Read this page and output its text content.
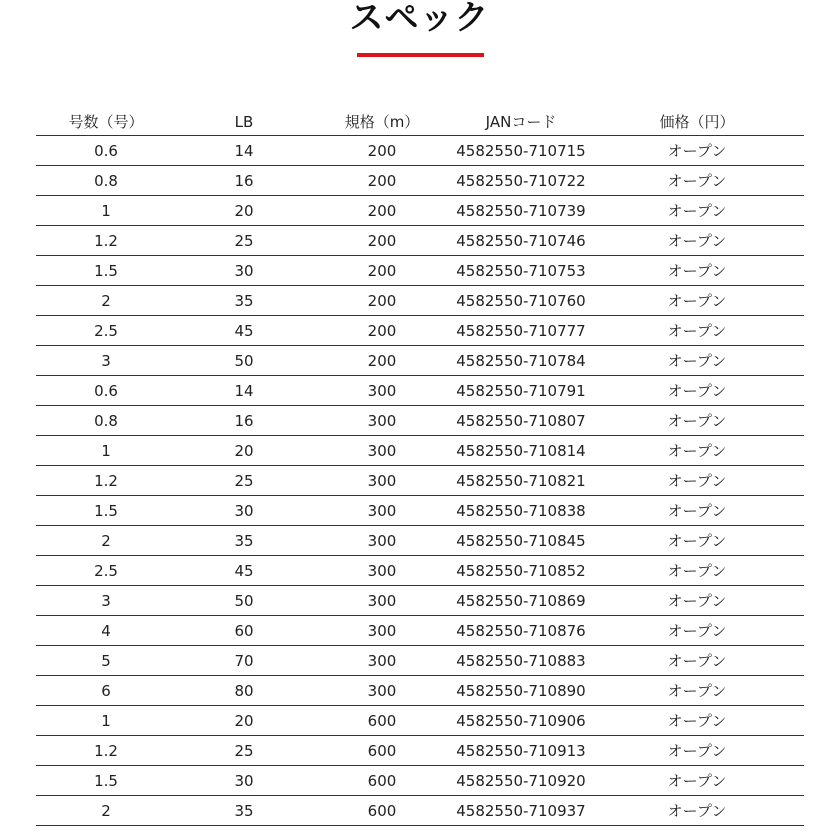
スペック
号数（号）	LB	規格（m）	JANコード	価格（円）
0.6	14	200	4582550-710715	オープン
0.8	16	200	4582550-710722	オープン
1	20	200	4582550-710739	オープン
1.2	25	200	4582550-710746	オープン
1.5	30	200	4582550-710753	オープン
2	35	200	4582550-710760	オープン
2.5	45	200	4582550-710777	オープン
3	50	200	4582550-710784	オープン
0.6	14	300	4582550-710791	オープン
0.8	16	300	4582550-710807	オープン
1	20	300	4582550-710814	オープン
1.2	25	300	4582550-710821	オープン
1.5	30	300	4582550-710838	オープン
2	35	300	4582550-710845	オープン
2.5	45	300	4582550-710852	オープン
3	50	300	4582550-710869	オープン
4	60	300	4582550-710876	オープン
5	70	300	4582550-710883	オープン
6	80	300	4582550-710890	オープン
1	20	600	4582550-710906	オープン
1.2	25	600	4582550-710913	オープン
1.5	30	600	4582550-710920	オープン
2	35	600	4582550-710937	オープン
